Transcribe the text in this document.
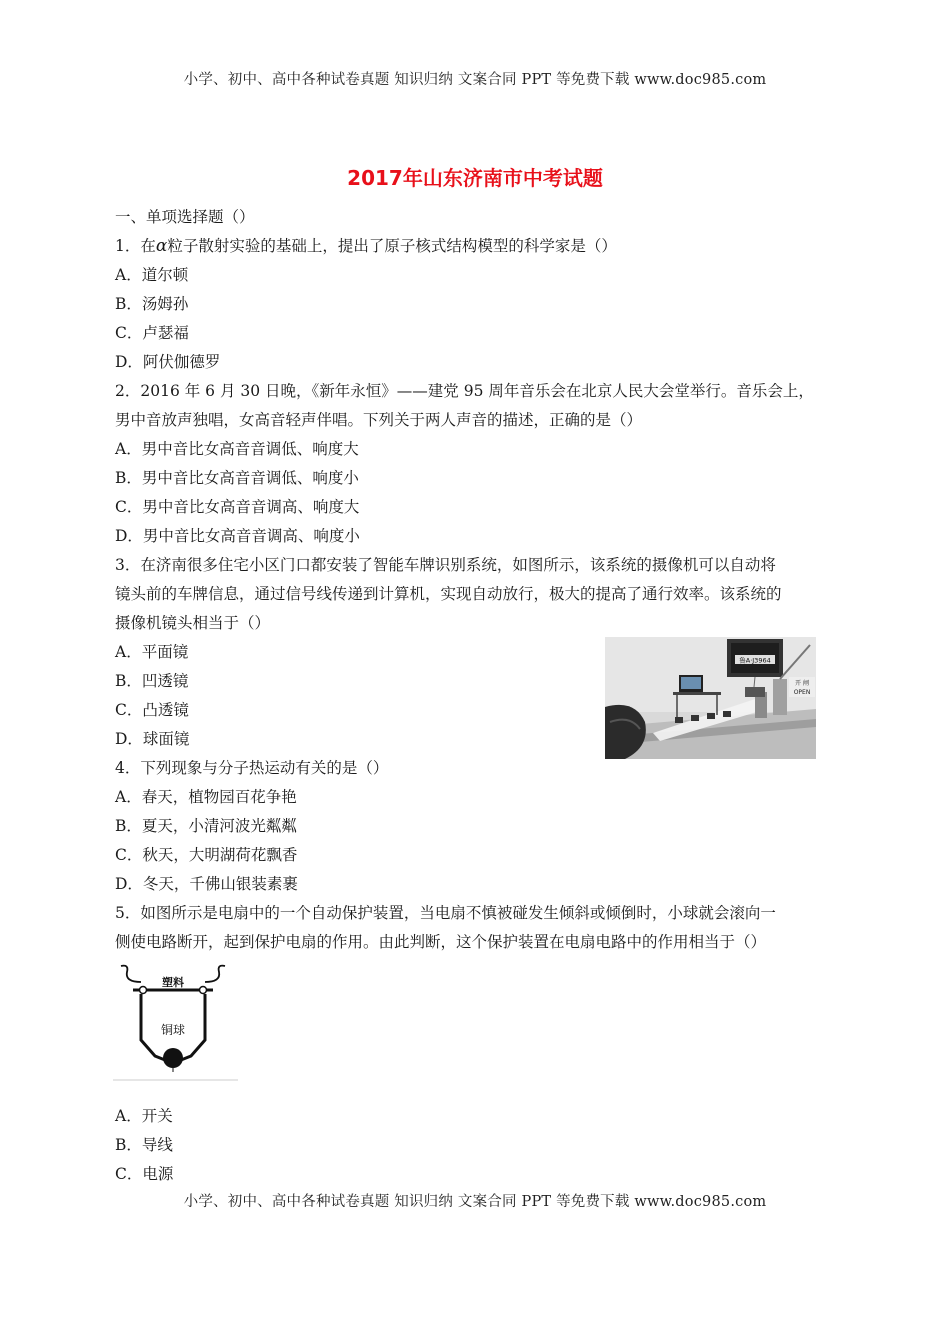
小学、初中、高中各种试卷真题 知识归纳 文案合同 PPT 等免费下载 www.doc985.com
2017年山东济南市中考试题
一、单项选择题（）
1．在α粒子散射实验的基础上，提出了原子核式结构模型的科学家是（）
A．道尔顿
B．汤姆孙
C．卢瑟福
D．阿伏伽德罗
2．2016 年 6 月 30 日晚，《新年永恒》——建党 95 周年音乐会在北京人民大会堂举行。音乐会上，
男中音放声独唱，女高音轻声伴唱。下列关于两人声音的描述，正确的是（）
A．男中音比女高音音调低、响度大
B．男中音比女高音音调低、响度小
C．男中音比女高音音调高、响度大
D．男中音比女高音音调高、响度小
3．在济南很多住宅小区门口都安装了智能车牌识别系统，如图所示，该系统的摄像机可以自动将
镜头前的车牌信息，通过信号线传递到计算机，实现自动放行，极大的提高了通行效率。该系统的
摄像机镜头相当于（）
A．平面镜
B．凹透镜
C．凸透镜
D．球面镜
4．下列现象与分子热运动有关的是（）
A．春天，植物园百花争艳
B．夏天，小清河波光粼粼
C．秋天，大明湖荷花飘香
D．冬天，千佛山银装素裹
5．如图所示是电扇中的一个自动保护装置，当电扇不慎被碰发生倾斜或倾倒时，小球就会滚向一
侧使电路断开，起到保护电扇的作用。由此判断，这个保护装置在电扇电路中的作用相当于（）
A．开关
B．导线
C．电源
鲁A·J3964
开 闸
OPEN
塑料
铜球
小学、初中、高中各种试卷真题 知识归纳 文案合同 PPT 等免费下载 www.doc985.com
